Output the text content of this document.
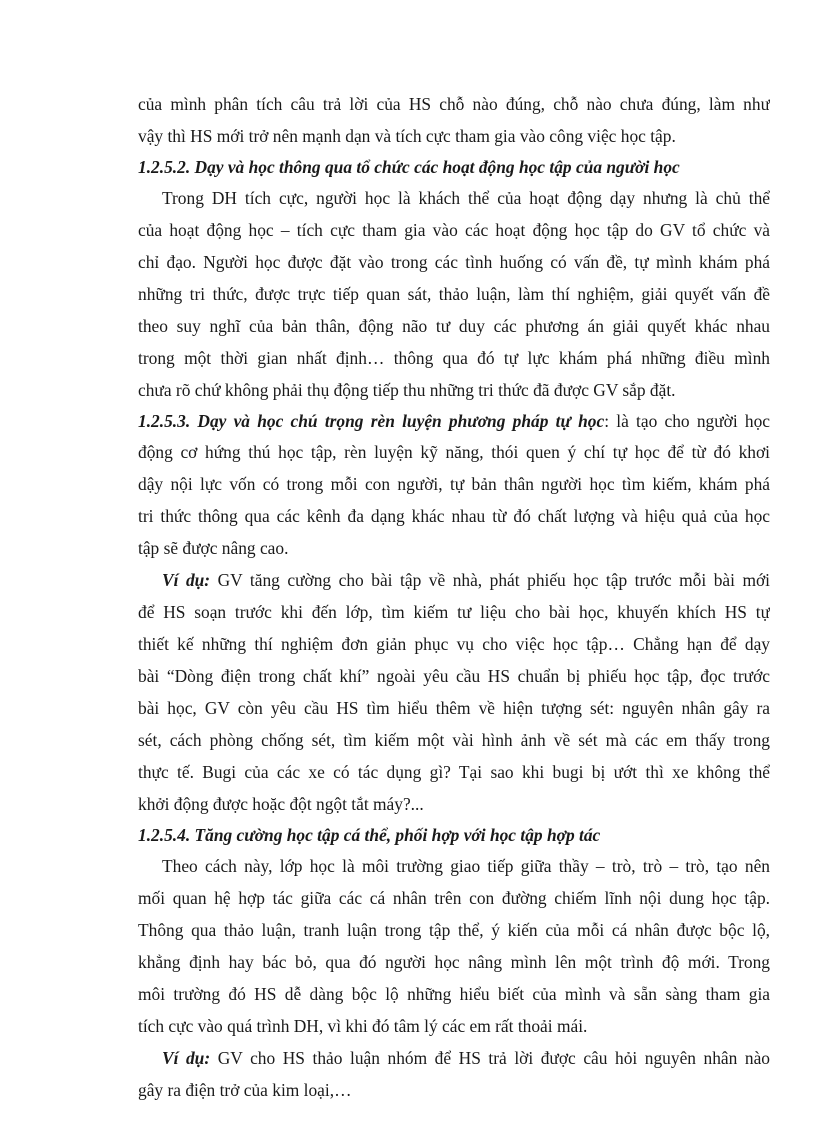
của mình phân tích câu trả lời của HS chỗ nào đúng, chỗ nào chưa đúng, làm như
vậy thì HS mới trở nên mạnh dạn và tích cực tham gia vào công việc học tập.
1.2.5.2. Dạy và học thông qua tổ chức các hoạt động học tập của người học
Trong DH tích cực, người học là khách thể của hoạt động dạy nhưng là chủ thể
của hoạt động học – tích cực tham gia vào các hoạt động học tập do GV tổ chức và
chỉ đạo. Người học được đặt vào trong các tình huống có vấn đề, tự mình khám phá
những tri thức, được trực tiếp quan sát, thảo luận, làm thí nghiệm, giải quyết vấn đề
theo suy nghĩ của bản thân, động não tư duy các phương án giải quyết khác nhau
trong một thời gian nhất định… thông qua đó tự lực khám phá những điều mình
chưa rõ chứ không phải thụ động tiếp thu những tri thức đã được GV sắp đặt.
1.2.5.3. Dạy và học chú trọng rèn luyện phương pháp tự học: là tạo cho người học
động cơ hứng thú học tập, rèn luyện kỹ năng, thói quen ý chí tự học để từ đó khơi
dậy nội lực vốn có trong mỗi con người, tự bản thân người học tìm kiếm, khám phá
tri thức thông qua các kênh đa dạng khác nhau từ đó chất lượng và hiệu quả của học
tập sẽ được nâng cao.
Ví dụ: GV tăng cường cho bài tập về nhà, phát phiếu học tập trước mỗi bài mới
để HS soạn trước khi đến lớp, tìm kiếm tư liệu cho bài học, khuyến khích HS tự
thiết kế những thí nghiệm đơn giản phục vụ cho việc học tập… Chẳng hạn để dạy
bài “Dòng điện trong chất khí” ngoài yêu cầu HS chuẩn bị phiếu học tập, đọc trước
bài học, GV còn yêu cầu HS tìm hiểu thêm về hiện tượng sét: nguyên nhân gây ra
sét, cách phòng chống sét, tìm kiếm một vài hình ảnh về sét mà các em thấy trong
thực tế. Bugi của các xe có tác dụng gì? Tại sao khi bugi bị ướt thì xe không thể
khởi động được hoặc đột ngột tắt máy?...
1.2.5.4. Tăng cường học tập cá thể, phối hợp với học tập hợp tác
Theo cách này, lớp học là môi trường giao tiếp giữa thầy – trò, trò – trò, tạo nên
mối quan hệ hợp tác giữa các cá nhân trên con đường chiếm lĩnh nội dung học tập.
Thông qua thảo luận, tranh luận trong tập thể, ý kiến của mỗi cá nhân được bộc lộ,
khẳng định hay bác bỏ, qua đó người học nâng mình lên một trình độ mới. Trong
môi trường đó HS dễ dàng bộc lộ những hiểu biết của mình và sẵn sàng tham gia
tích cực vào quá trình DH, vì khi đó tâm lý các em rất thoải mái.
Ví dụ: GV cho HS thảo luận nhóm để HS trả lời được câu hỏi nguyên nhân nào
gây ra điện trở của kim loại,…
